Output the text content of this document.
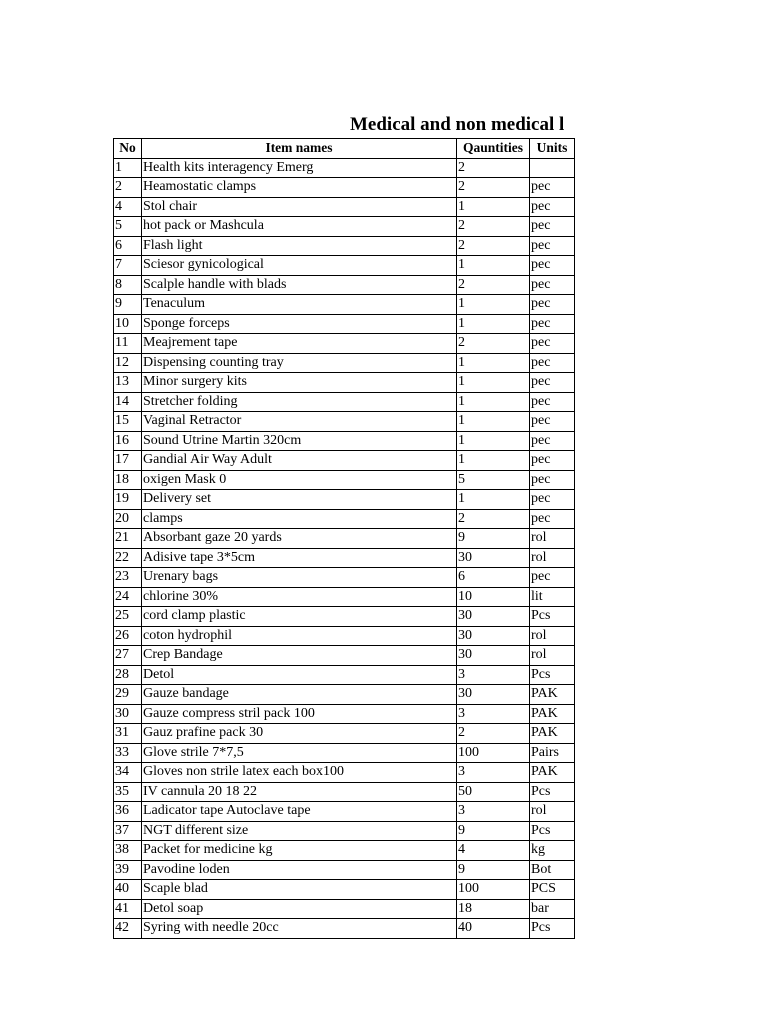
Medical and non medical l
No	Item names	Qauntities	Units
1	Health kits interagency Emerg	2	
2	Heamostatic clamps	2	pec
4	Stol chair	1	pec
5	hot pack or Mashcula	2	pec
6	Flash light	2	pec
7	Sciesor gynicological	1	pec
8	Scalple handle with blads	2	pec
9	Tenaculum	1	pec
10	Sponge forceps	1	pec
11	Meajrement tape	2	pec
12	Dispensing counting tray	1	pec
13	Minor surgery kits	1	pec
14	Stretcher folding	1	pec
15	Vaginal Retractor	1	pec
16	Sound Utrine Martin 320cm	1	pec
17	Gandial Air Way Adult	1	pec
18	oxigen Mask 0	5	pec
19	Delivery set	1	pec
20	clamps	2	pec
21	Absorbant gaze 20 yards	9	rol
22	Adisive tape 3*5cm	30	rol
23	Urenary bags	6	pec
24	chlorine 30%	10	lit
25	cord clamp plastic	30	Pcs
26	coton hydrophil	30	rol
27	Crep Bandage	30	rol
28	Detol	3	Pcs
29	Gauze bandage	30	PAK
30	Gauze compress stril pack 100	3	PAK
31	Gauz prafine pack 30	2	PAK
33	Glove strile 7*7,5	100	Pairs
34	Gloves non strile latex each box100	3	PAK
35	IV cannula 20 18 22	50	Pcs
36	Ladicator tape Autoclave tape	3	rol
37	NGT different size	9	Pcs
38	Packet for medicine kg	4	kg
39	Pavodine loden	9	Bot
40	Scaple blad	100	PCS
41	Detol soap	18	bar
42	Syring with needle 20cc	40	Pcs
